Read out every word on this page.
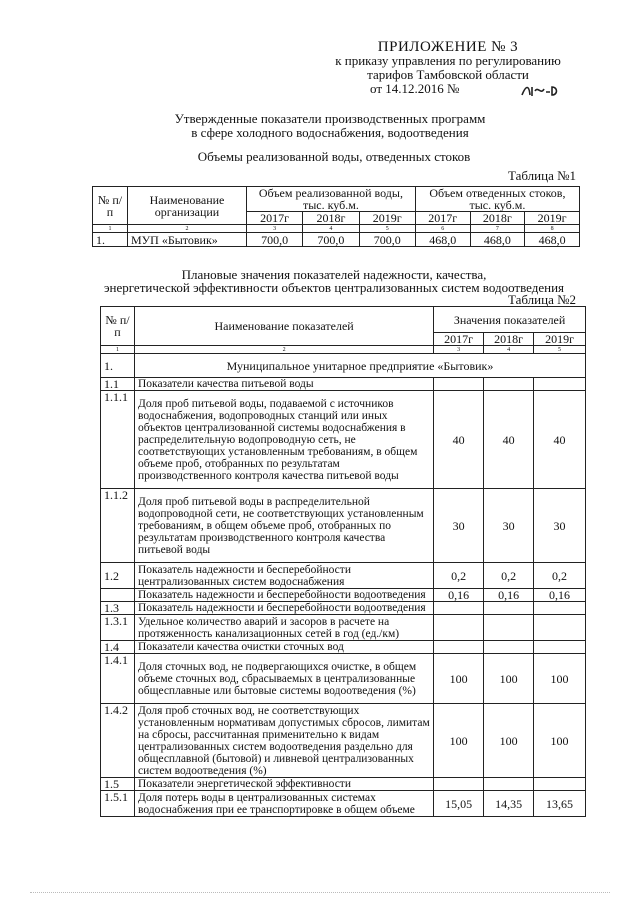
ПРИЛОЖЕНИЕ № 3
к приказу управления по регулированию
тарифов Тамбовской области
от 14.12.2016 №
Утвержденные показатели производственных программ
в сфере холодного водоснабжения, водоотведения
Объемы реализованной воды, отведенных стоков
Таблица №1
№ п/п	Наименование организации	Объем реализованной воды, тыс. куб.м.			Объем отведенных стоков, тыс. куб.м.		
		2017г	2018г	2019г	2017г	2018г	2019г
1	2	3	4	5	6	7	8
1.	МУП «Бытовик»	700,0	700,0	700,0	468,0	468,0	468,0
Плановые значения показателей надежности, качества,
энергетической эффективности объектов централизованных систем водоотведения
Таблица №2
№ п/п	Наименование показателей	Значения показателей		
		2017г	2018г	2019г
1	2	3	4	5
1.	Муниципальное унитарное предприятие «Бытовик»			
1.1	Показатели качества питьевой воды			
1.1.1	Доля проб питьевой воды, подаваемой с источников водоснабжения, водопроводных станций или иных объектов централизованной системы водоснабжения в распределительную водопроводную сеть, не соответствующих установленным требованиям, в общем объеме проб, отобранных по результатам производственного контроля качества питьевой воды	40	40	40
1.1.2	Доля проб питьевой воды в распределительной водопроводной сети, не соответствующих установленным требованиям, в общем объеме проб, отобранных по результатам производственного контроля качества питьевой воды	30	30	30
1.2	Показатель надежности и бесперебойности централизованных систем водоснабжения	0,2	0,2	0,2
	Показатель надежности и бесперебойности водоотведения	0,16	0,16	0,16
1.3	Показатель надежности и бесперебойности водоотведения			
1.3.1	Удельное количество аварий и засоров в расчете на протяженность канализационных сетей в год (ед./км)			
1.4	Показатели качества очистки сточных вод			
1.4.1	Доля сточных вод, не подвергающихся очистке, в общем объеме сточных вод, сбрасываемых в централизованные общесплавные или бытовые системы водоотведения (%)	100	100	100
1.4.2	Доля проб сточных вод, не соответствующих установленным нормативам допустимых сбросов, лимитам на сбросы, рассчитанная применительно к видам централизованных систем водоотведения раздельно для общесплавной (бытовой) и ливневой централизованных систем водоотведения (%)	100	100	100
1.5	Показатели энергетической эффективности			
1.5.1	Доля потерь воды в централизованных системах водоснабжения при ее транспортировке в общем объеме	15,05	14,35	13,65
